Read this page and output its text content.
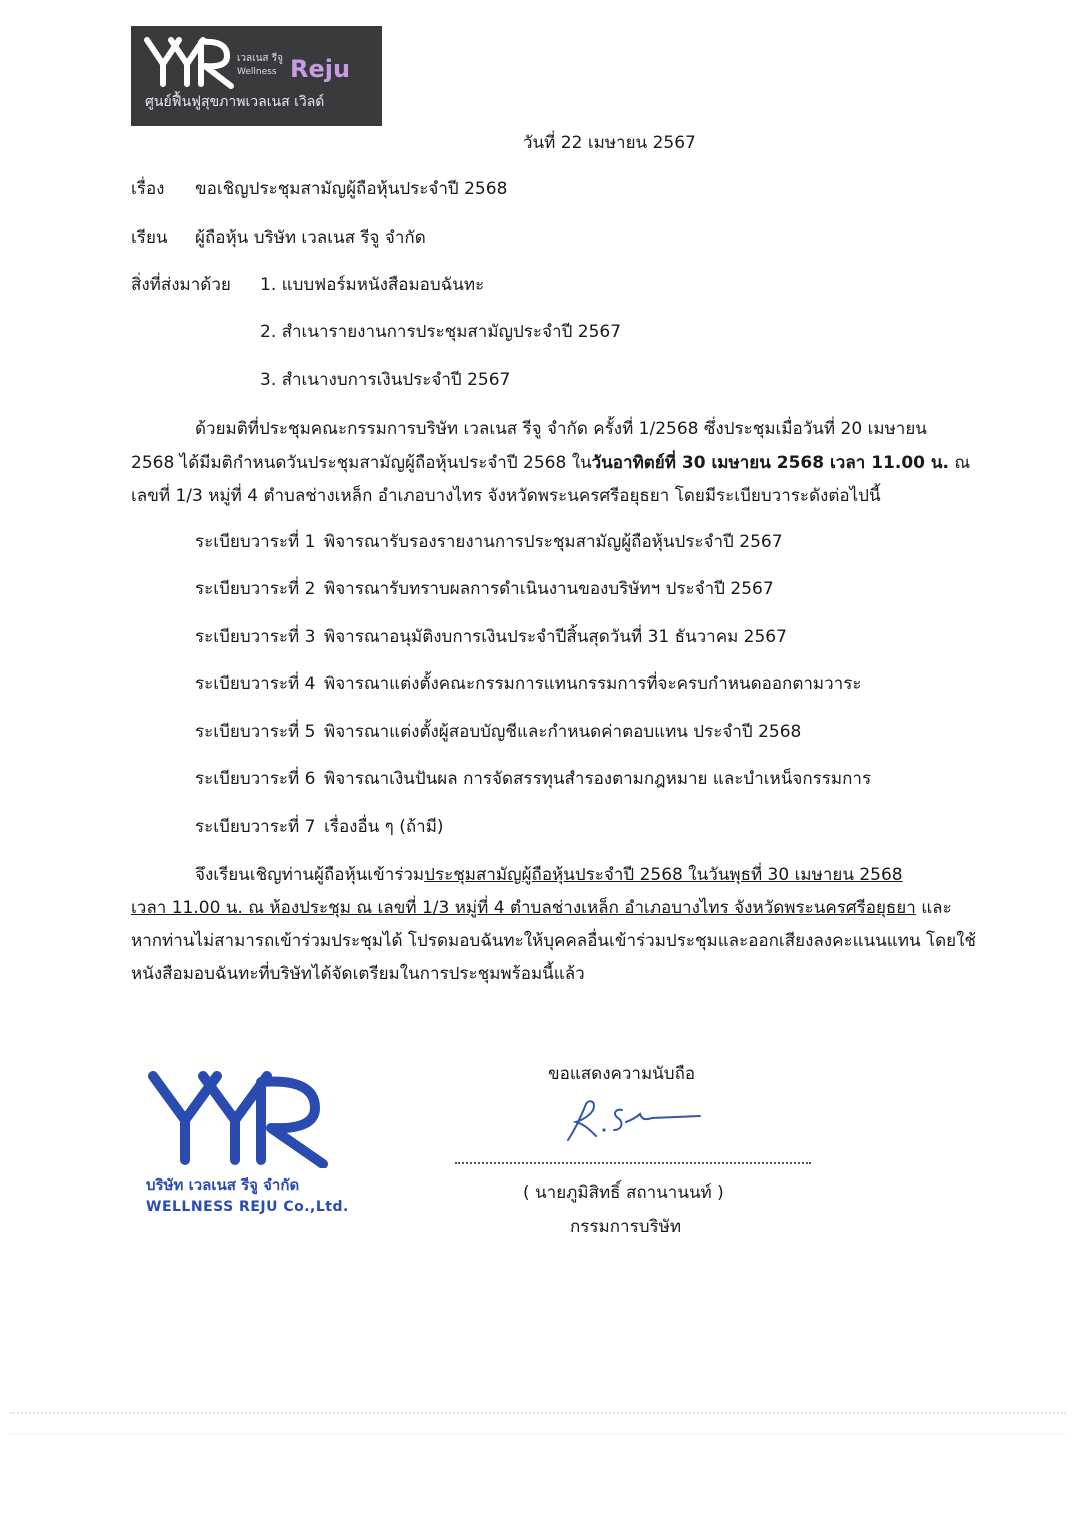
เวลเนส รีจู
Wellness Reju
ศูนย์ฟื้นฟูสุขภาพเวลเนส เวิลด์
วันที่ 22 เมษายน 2567
เรื่อง ขอเชิญประชุมสามัญผู้ถือหุ้นประจำปี 2568
เรียน ผู้ถือหุ้น บริษัท เวลเนส รีจู จำกัด
สิ่งที่ส่งมาด้วย 1. แบบฟอร์มหนังสือมอบฉันทะ
2. สำเนารายงานการประชุมสามัญประจำปี 2567
3. สำเนางบการเงินประจำปี 2567
ด้วยมติที่ประชุมคณะกรรมการบริษัท เวลเนส รีจู จำกัด ครั้งที่ 1/2568 ซึ่งประชุมเมื่อวันที่ 20 เมษายน
2568 ได้มีมติกำหนดวันประชุมสามัญผู้ถือหุ้นประจำปี 2568 ในวันอาทิตย์ที่ 30 เมษายน 2568 เวลา 11.00 น. ณ
เลขที่ 1/3 หมู่ที่ 4 ตำบลช่างเหล็ก อำเภอบางไทร จังหวัดพระนครศรีอยุธยา โดยมีระเบียบวาระดังต่อไปนี้
ระเบียบวาระที่ 1 พิจารณารับรองรายงานการประชุมสามัญผู้ถือหุ้นประจำปี 2567
ระเบียบวาระที่ 2 พิจารณารับทราบผลการดำเนินงานของบริษัทฯ ประจำปี 2567
ระเบียบวาระที่ 3 พิจารณาอนุมัติงบการเงินประจำปีสิ้นสุดวันที่ 31 ธันวาคม 2567
ระเบียบวาระที่ 4 พิจารณาแต่งตั้งคณะกรรมการแทนกรรมการที่จะครบกำหนดออกตามวาระ
ระเบียบวาระที่ 5 พิจารณาแต่งตั้งผู้สอบบัญชีและกำหนดค่าตอบแทน ประจำปี 2568
ระเบียบวาระที่ 6 พิจารณาเงินปันผล การจัดสรรทุนสำรองตามกฎหมาย และบำเหน็จกรรมการ
ระเบียบวาระที่ 7 เรื่องอื่น ๆ (ถ้ามี)
จึงเรียนเชิญท่านผู้ถือหุ้นเข้าร่วมประชุมสามัญผู้ถือหุ้นประจำปี 2568 ในวันพุธที่ 30 เมษายน 2568
เวลา 11.00 น. ณ ห้องประชุม ณ เลขที่ 1/3 หมู่ที่ 4 ตำบลช่างเหล็ก อำเภอบางไทร จังหวัดพระนครศรีอยุธยา และ
หากท่านไม่สามารถเข้าร่วมประชุมได้ โปรดมอบฉันทะให้บุคคลอื่นเข้าร่วมประชุมและออกเสียงลงคะแนนแทน โดยใช้
หนังสือมอบฉันทะที่บริษัทได้จัดเตรียมในการประชุมพร้อมนี้แล้ว
บริษัท เวลเนส รีจู จำกัด
WELLNESS REJU Co.,Ltd.
ขอแสดงความนับถือ
( นายภูมิสิทธิ์ สถานานนท์ )
กรรมการบริษัท
